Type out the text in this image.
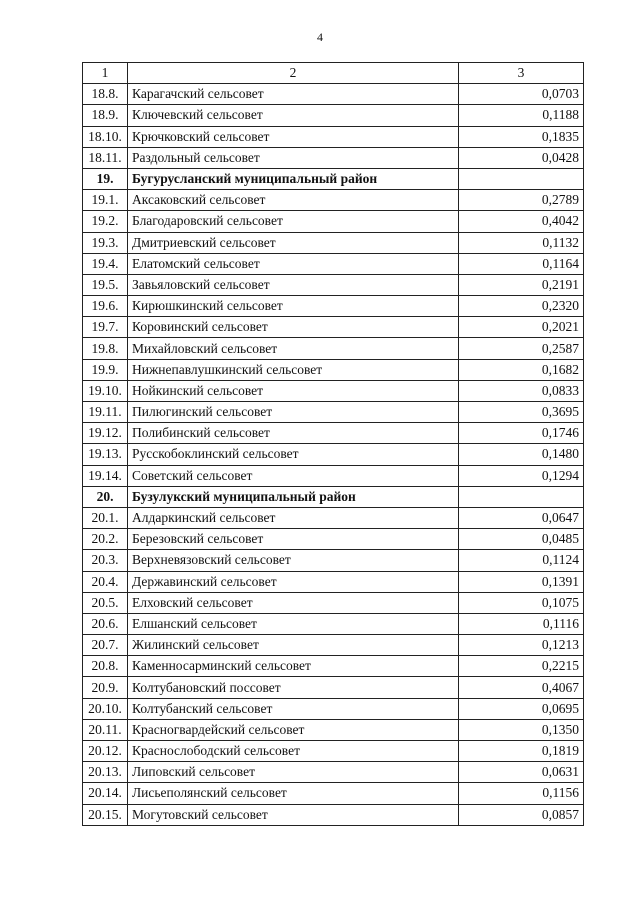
4
1	2	3
18.8.	Карагачский сельсовет	0,0703
18.9.	Ключевский сельсовет	0,1188
18.10.	Крючковский сельсовет	0,1835
18.11.	Раздольный сельсовет	0,0428
19.	Бугурусланский муниципальный район	
19.1.	Аксаковский сельсовет	0,2789
19.2.	Благодаровский сельсовет	0,4042
19.3.	Дмитриевский сельсовет	0,1132
19.4.	Елатомский сельсовет	0,1164
19.5.	Завьяловский сельсовет	0,2191
19.6.	Кирюшкинский сельсовет	0,2320
19.7.	Коровинский сельсовет	0,2021
19.8.	Михайловский сельсовет	0,2587
19.9.	Нижнепавлушкинский сельсовет	0,1682
19.10.	Нойкинский сельсовет	0,0833
19.11.	Пилюгинский сельсовет	0,3695
19.12.	Полибинский сельсовет	0,1746
19.13.	Русскобоклинский сельсовет	0,1480
19.14.	Советский сельсовет	0,1294
20.	Бузулукский муниципальный район	
20.1.	Алдаркинский сельсовет	0,0647
20.2.	Березовский сельсовет	0,0485
20.3.	Верхневязовский сельсовет	0,1124
20.4.	Державинский сельсовет	0,1391
20.5.	Елховский сельсовет	0,1075
20.6.	Елшанский сельсовет	0,1116
20.7.	Жилинский сельсовет	0,1213
20.8.	Каменносарминский сельсовет	0,2215
20.9.	Колтубановский поссовет	0,4067
20.10.	Колтубанский сельсовет	0,0695
20.11.	Красногвардейский сельсовет	0,1350
20.12.	Краснослободский сельсовет	0,1819
20.13.	Липовский сельсовет	0,0631
20.14.	Лисьеполянский сельсовет	0,1156
20.15.	Могутовский сельсовет	0,0857
